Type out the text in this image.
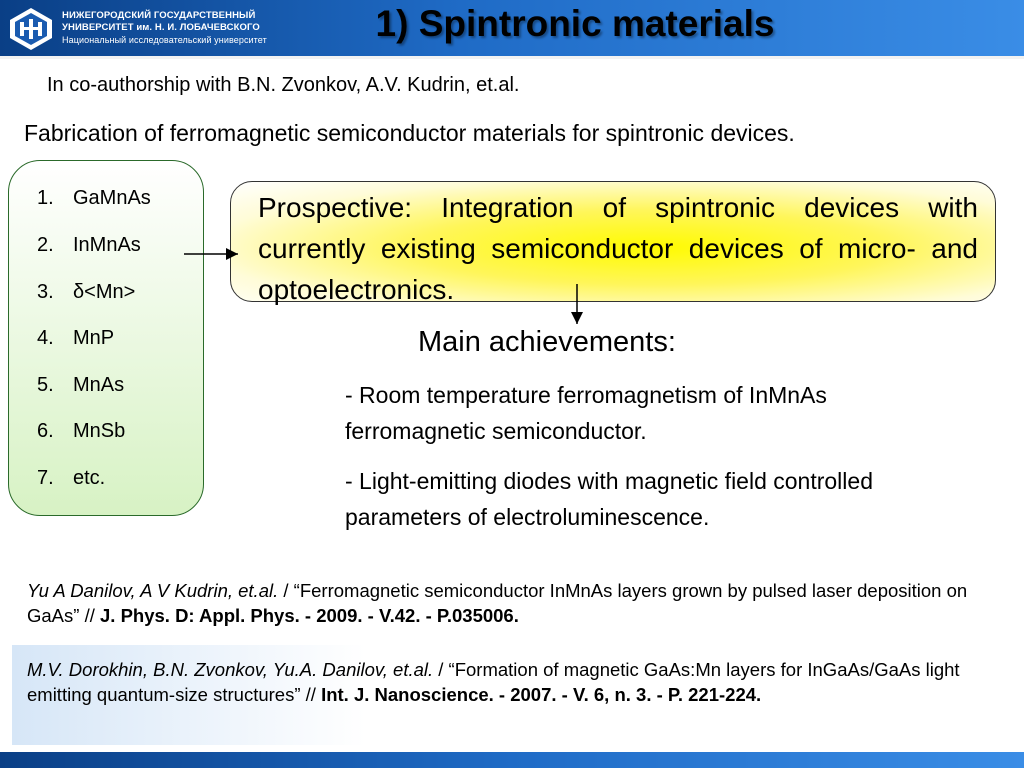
НИЖЕГОРОДСКИЙ ГОСУДАРСТВЕННЫЙ
УНИВЕРСИТЕТ им. Н. И. ЛОБАЧЕВСКОГО
Национальный исследовательский университет	1) Spintronic materials
In co-authorship with B.N. Zvonkov, A.V. Kudrin, et.al.
Fabrication of ferromagnetic semiconductor materials for spintronic devices.
1. GaMnAs
2. InMnAs
3. δ<Mn>
4. MnP
5. MnAs
6. MnSb
7. etc.

Prospective: Integration of spintronic devices with currently existing semiconductor devices of micro- and optoelectronics.

Main achievements:
- Room temperature ferromagnetism of InMnAs ferromagnetic semiconductor.
- Light-emitting diodes with magnetic field controlled parameters of electroluminescence.
Yu A Danilov, A V Kudrin, et.al. / “Ferromagnetic semiconductor InMnAs layers grown by pulsed laser deposition on GaAs” // J. Phys. D: Appl. Phys. - 2009. - V.42. - P.035006.
M.V. Dorokhin, B.N. Zvonkov, Yu.A. Danilov, et.al. / “Formation of magnetic GaAs:Mn layers for InGaAs/GaAs light emitting quantum-size structures” // Int. J. Nanoscience. - 2007. - V. 6, n. 3. - P. 221-224.
